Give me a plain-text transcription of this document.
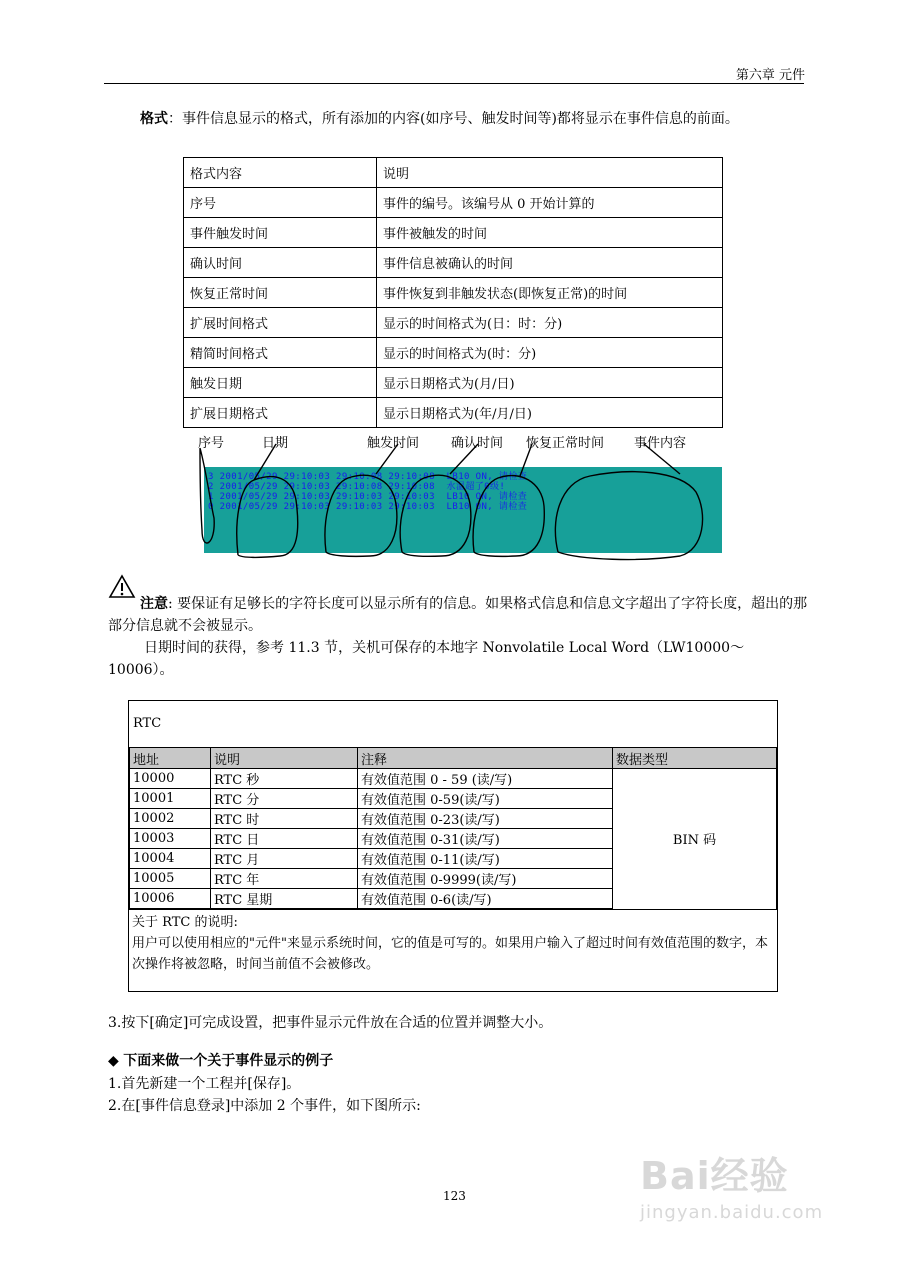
第六章 元件

格式：事件信息显示的格式，所有添加的内容(如序号、触发时间等)都将显示在事件信息的前面。

格式内容	说明
序号	事件的编号。该编号从 0 开始计算的
事件触发时间	事件被触发的时间
确认时间	事件信息被确认的时间
恢复正常时间	事件恢复到非触发状态(即恢复正常)的时间
扩展时间格式	显示的时间格式为(日：时：分)
精简时间格式	显示的时间格式为(时：分)
触发日期	显示日期格式为(月/日)
扩展日期格式	显示日期格式为(年/月/日)
序号	日期	触发时间 确认时间 恢复正常时间 事件内容
3 2001/05/29 29:10:03 29:10:08 29:10:08  LB10 ON, 请检查
2 2001/05/29 29:10:03 29:10:08 29:10:08  水温超了0级!
1 2001/05/29 29:10:03 29:10:03 29:10:03  LB10 ON, 请检查
0 2001/05/29 29:10:03 29:10:03 29:10:03  LB10 ON, 请检查

注意: 要保证有足够长的字符长度可以显示所有的信息。如果格式信息和信息文字超出了字符长度，超出的那部分信息就不会被显示。

日期时间的获得，参考 11.3 节，关机可保存的本地字 Nonvolatile Local Word（LW10000～10006）。

RTC
地址	说明	注释	数据类型
10000	RTC 秒	有效值范围 0 - 59 (读/写)	BIN 码
10001	RTC 分	有效值范围 0-59(读/写)	
10002	RTC 时	有效值范围 0-23(读/写)	
10003	RTC 日	有效值范围 0-31(读/写)	
10004	RTC 月	有效值范围 0-11(读/写)	
10005	RTC 年	有效值范围 0-9999(读/写)	
10006	RTC 星期	有效值范围 0-6(读/写)	
关于 RTC 的说明:
用户可以使用相应的"元件"来显示系统时间，它的值是可写的。如果用户输入了超过时间有效值范围的数字，本次操作将被忽略，时间当前值不会被修改。

3.按下[确定]可完成设置，把事件显示元件放在合适的位置并调整大小。

◆ 下面来做一个关于事件显示的例子

1.首先新建一个工程并[保存]。

2.在[事件信息登录]中添加 2 个事件，如下图所示:

123	Bai经验
jingyan.baidu.com
